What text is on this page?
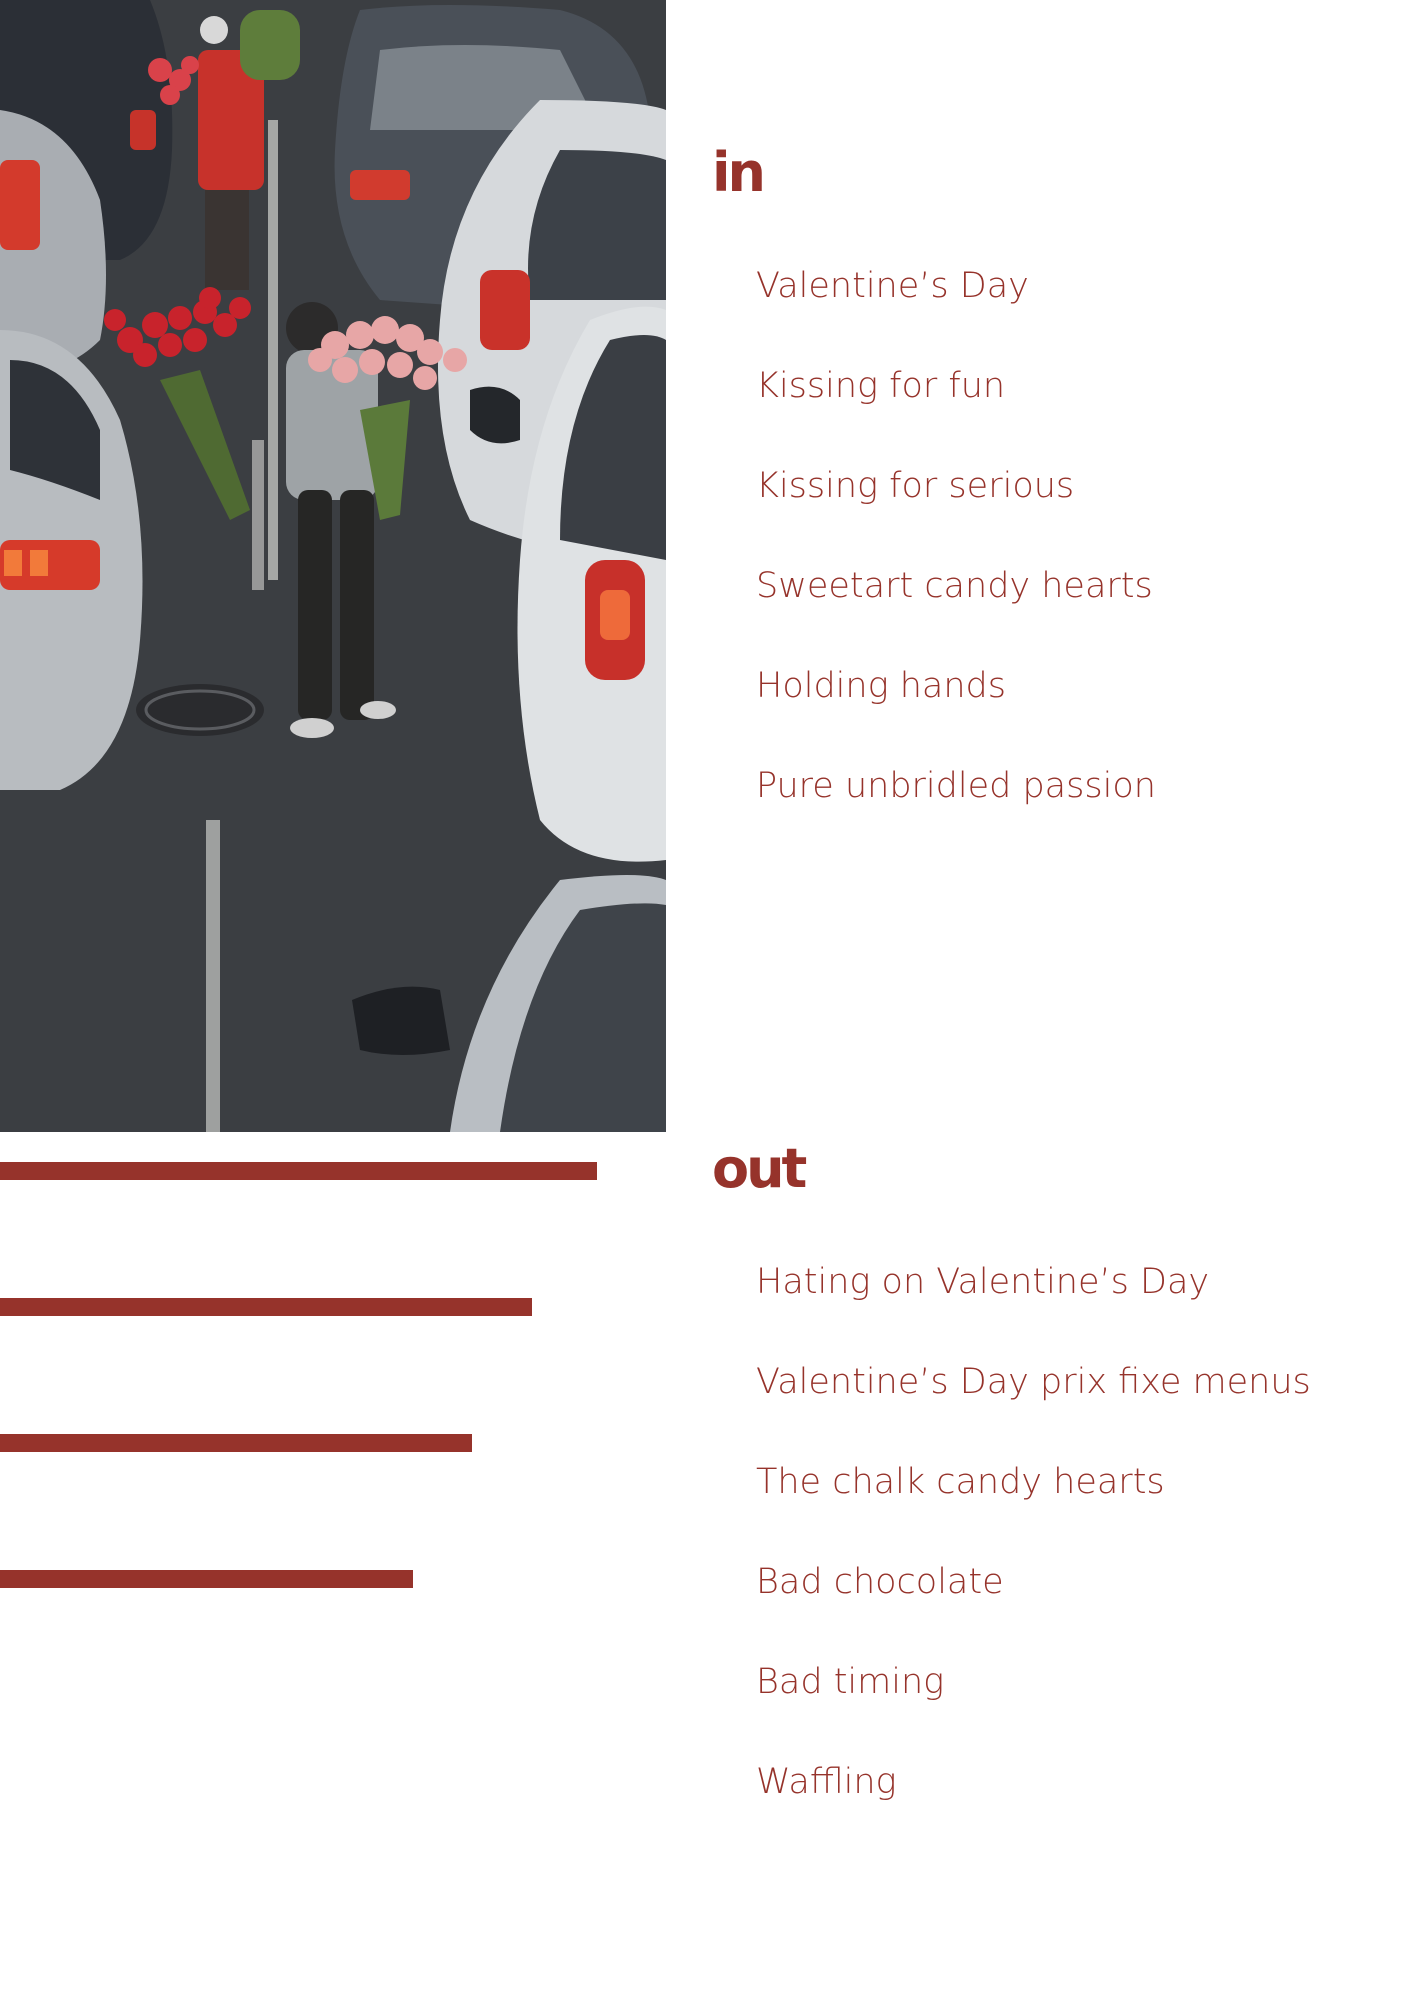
in
Valentine’s Day
Kissing for fun
Kissing for serious
Sweetart candy hearts
Holding hands
Pure unbridled passion
out
Hating on Valentine’s Day
Valentine’s Day prix fixe menus
The chalk candy hearts
Bad chocolate
Bad timing
Waffling
